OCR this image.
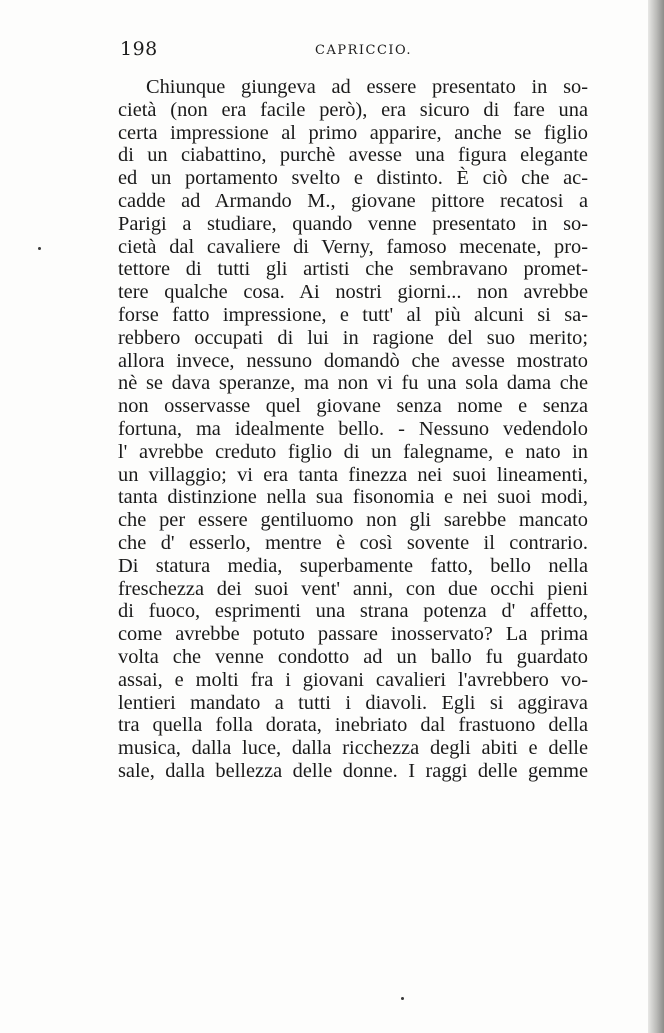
198	CAPRICCIO.
Chiunque giungeva ad essere presentato in so-
cietà (non era facile però), era sicuro di fare una
certa impressione al primo apparire, anche se figlio
di un ciabattino, purchè avesse una figura elegante
ed un portamento svelto e distinto. È ciò che ac-
cadde ad Armando M., giovane pittore recatosi a
Parigi a studiare, quando venne presentato in so-
cietà dal cavaliere di Verny, famoso mecenate, pro-
tettore di tutti gli artisti che sembravano promet-
tere qualche cosa. Ai nostri giorni... non avrebbe
forse fatto impressione, e tutt' al più alcuni si sa-
rebbero occupati di lui in ragione del suo merito;
allora invece, nessuno domandò che avesse mostrato
nè se dava speranze, ma non vi fu una sola dama che
non osservasse quel giovane senza nome e senza
fortuna, ma idealmente bello. - Nessuno vedendolo
l' avrebbe creduto figlio di un falegname, e nato in
un villaggio; vi era tanta finezza nei suoi lineamenti,
tanta distinzione nella sua fisonomia e nei suoi modi,
che per essere gentiluomo non gli sarebbe mancato
che d' esserlo, mentre è così sovente il contrario.
Di statura media, superbamente fatto, bello nella
freschezza dei suoi vent' anni, con due occhi pieni
di fuoco, esprimenti una strana potenza d' affetto,
come avrebbe potuto passare inosservato? La prima
volta che venne condotto ad un ballo fu guardato
assai, e molti fra i giovani cavalieri l'avrebbero vo-
lentieri mandato a tutti i diavoli. Egli si aggirava
tra quella folla dorata, inebriato dal frastuono della
musica, dalla luce, dalla ricchezza degli abiti e delle
sale, dalla bellezza delle donne. I raggi delle gemme
